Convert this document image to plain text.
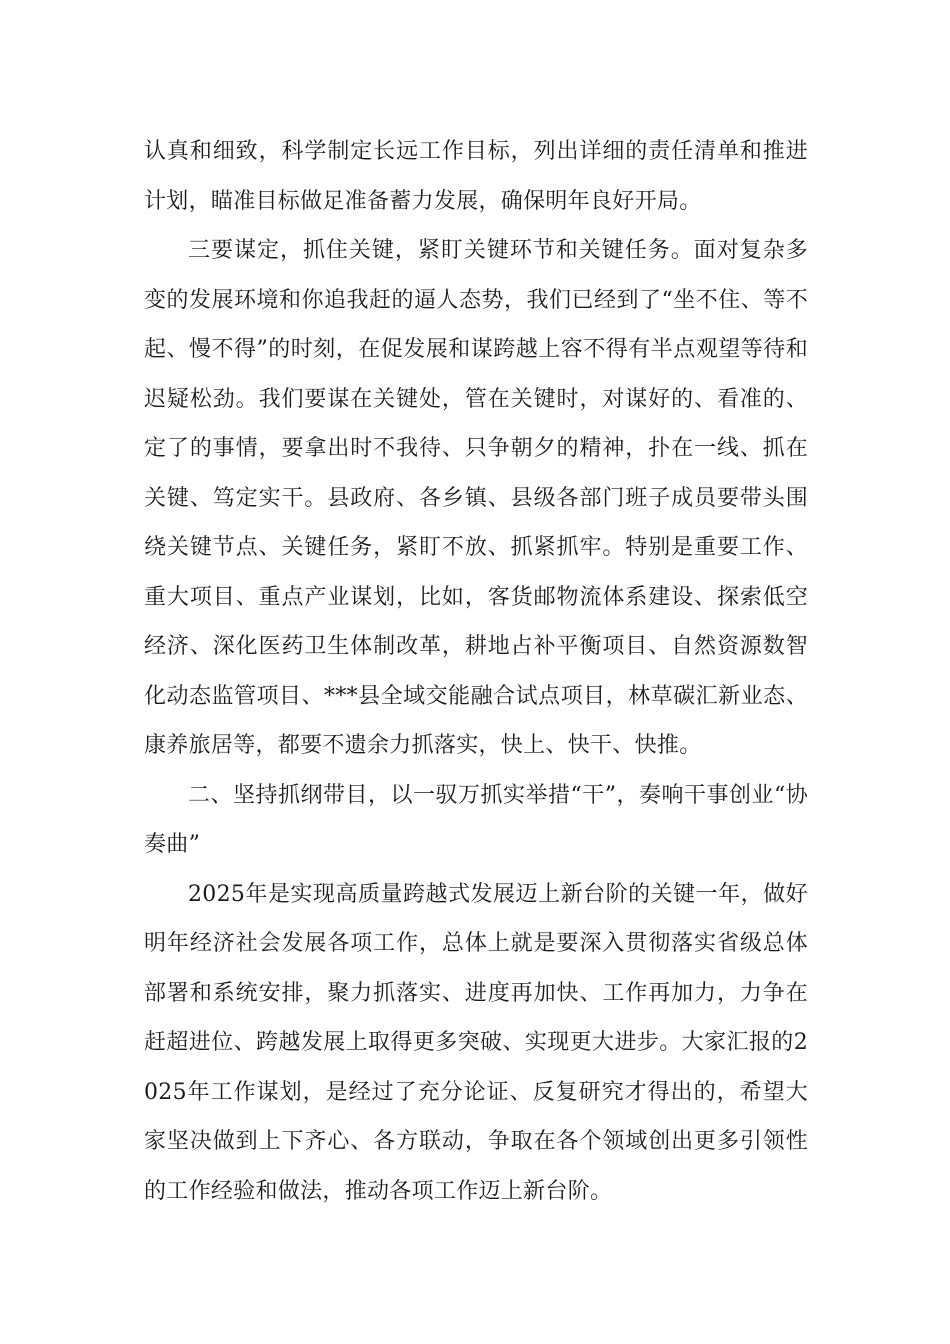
认真和细致，科学制定长远工作目标，列出详细的责任清单和推进计划，瞄准目标做足准备蓄力发展，确保明年良好开局。

三要谋定，抓住关键，紧盯关键环节和关键任务。面对复杂多变的发展环境和你追我赶的逼人态势，我们已经到了“坐不住、等不起、慢不得”的时刻，在促发展和谋跨越上容不得有半点观望等待和迟疑松劲。我们要谋在关键处，管在关键时，对谋好的、看准的、定了的事情，要拿出时不我待、只争朝夕的精神，扑在一线、抓在关键、笃定实干。县政府、各乡镇、县级各部门班子成员要带头围绕关键节点、关键任务，紧盯不放、抓紧抓牢。特别是重要工作、重大项目、重点产业谋划，比如，客货邮物流体系建设、探索低空经济、深化医药卫生体制改革，耕地占补平衡项目、自然资源数智化动态监管项目、***县全域交能融合试点项目，林草碳汇新业态、康养旅居等，都要不遗余力抓落实，快上、快干、快推。

二、坚持抓纲带目，以一驭万抓实举措“干”，奏响干事创业“协奏曲”

2025年是实现高质量跨越式发展迈上新台阶的关键一年，做好明年经济社会发展各项工作，总体上就是要深入贯彻落实省级总体部署和系统安排，聚力抓落实、进度再加快、工作再加力，力争在赶超进位、跨越发展上取得更多突破、实现更大进步。大家汇报的2025年工作谋划，是经过了充分论证、反复研究才得出的，希望大家坚决做到上下齐心、各方联动，争取在各个领域创出更多引领性的工作经验和做法，推动各项工作迈上新台阶。
